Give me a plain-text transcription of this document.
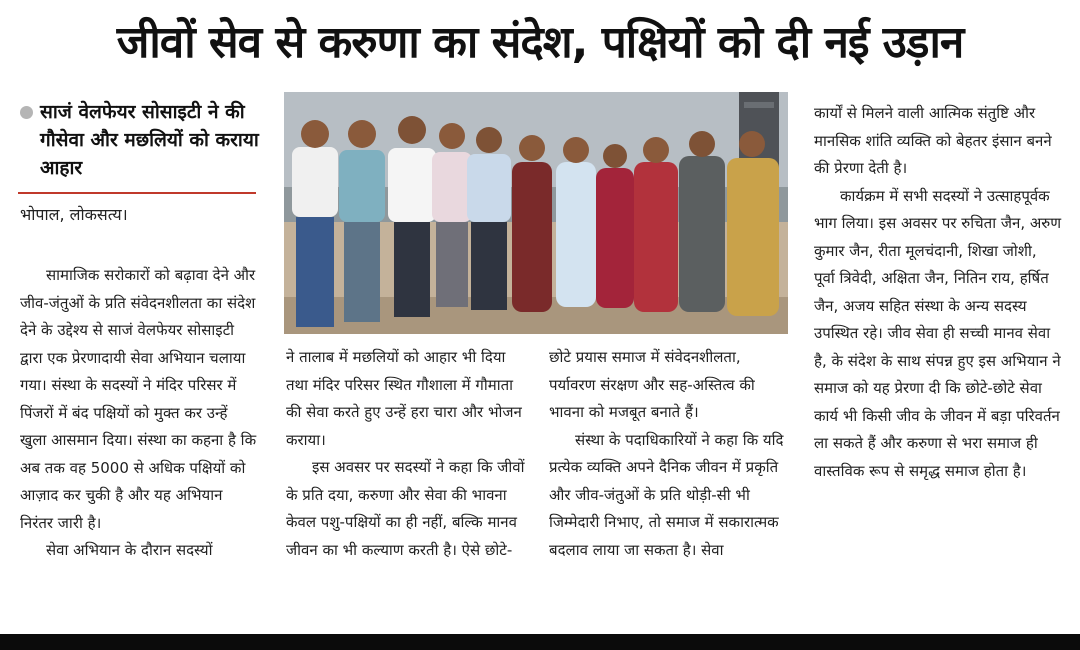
जीवों सेव से करुणा का संदेश, पक्षियों को दी नई उड़ान
साजं वेलफेयर सोसाइटी ने की गौसेवा और मछलियों को कराया आहार
भोपाल, लोकसत्य।

सामाजिक सरोकारों को बढ़ावा देने और जीव-जंतुओं के प्रति संवेदनशीलता का संदेश देने के उद्देश्य से साजं वेलफेयर सोसाइटी द्वारा एक प्रेरणादायी सेवा अभियान चलाया गया। संस्था के सदस्यों ने मंदिर परिसर में पिंजरों में बंद पक्षियों को मुक्त कर उन्हें खुला आसमान दिया। संस्था का कहना है कि अब तक वह 5000 से अधिक पक्षियों को आज़ाद कर चुकी है और यह अभियान निरंतर जारी है।

सेवा अभियान के दौरान सदस्यों

ने तालाब में मछलियों को आहार भी दिया तथा मंदिर परिसर स्थित गौशाला में गौमाता की सेवा करते हुए उन्हें हरा चारा और भोजन कराया।

इस अवसर पर सदस्यों ने कहा कि जीवों के प्रति दया, करुणा और सेवा की भावना केवल पशु-पक्षियों का ही नहीं, बल्कि मानव जीवन का भी कल्याण करती है। ऐसे छोटे-

छोटे प्रयास समाज में संवेदनशीलता, पर्यावरण संरक्षण और सह-अस्तित्व की भावना को मजबूत बनाते हैं।

संस्था के पदाधिकारियों ने कहा कि यदि प्रत्येक व्यक्ति अपने दैनिक जीवन में प्रकृति और जीव-जंतुओं के प्रति थोड़ी-सी भी जिम्मेदारी निभाए, तो समाज में सकारात्मक बदलाव लाया जा सकता है। सेवा

कार्यों से मिलने वाली आत्मिक संतुष्टि और मानसिक शांति व्यक्ति को बेहतर इंसान बनने की प्रेरणा देती है।

कार्यक्रम में सभी सदस्यों ने उत्साहपूर्वक भाग लिया। इस अवसर पर रुचिता जैन, अरुण कुमार जैन, रीता मूलचंदानी, शिखा जोशी, पूर्वा त्रिवेदी, अक्षिता जैन, नितिन राय, हर्षित जैन, अजय सहित संस्था के अन्य सदस्य उपस्थित रहे। जीव सेवा ही सच्ची मानव सेवा है, के संदेश के साथ संपन्न हुए इस अभियान ने समाज को यह प्रेरणा दी कि छोटे-छोटे सेवा कार्य भी किसी जीव के जीवन में बड़ा परिवर्तन ला सकते हैं और करुणा से भरा समाज ही वास्तविक रूप से समृद्ध समाज होता है।
